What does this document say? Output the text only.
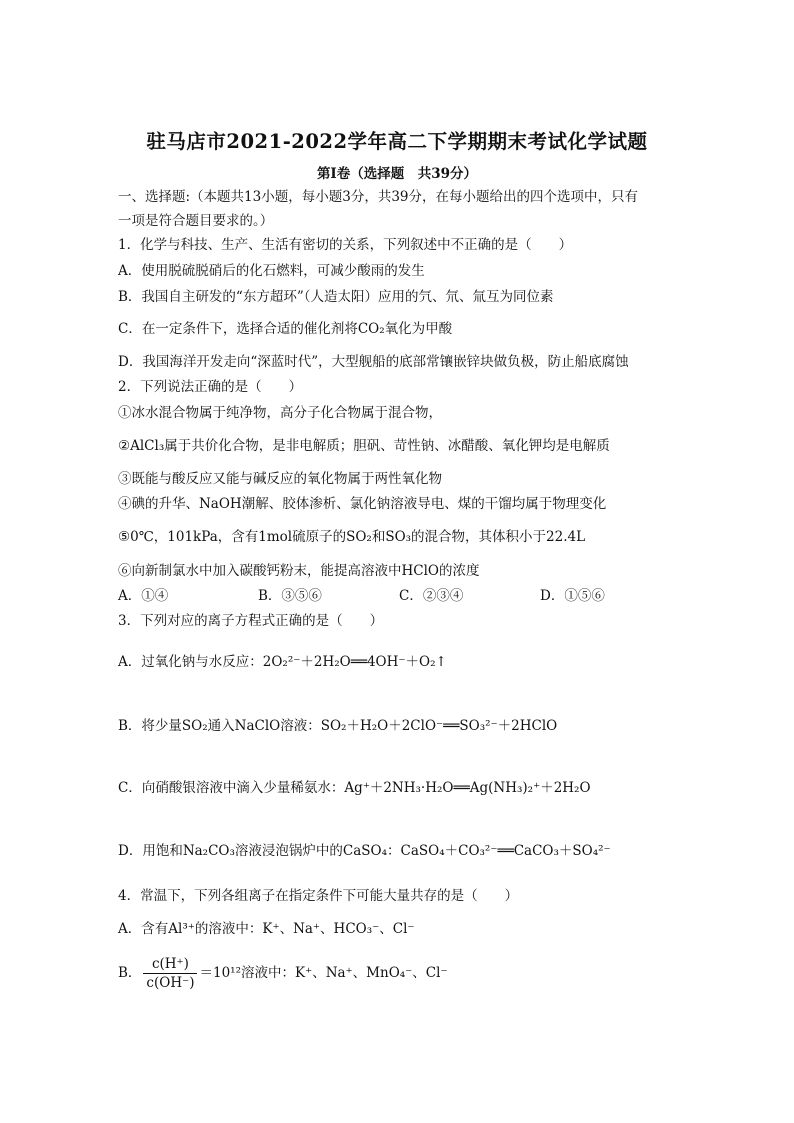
驻马店市2021-2022学年高二下学期期末考试化学试题
第Ⅰ卷（选择题　共39分）
一、选择题:（本题共13小题，每小题3分，共39分，在每小题给出的四个选项中，只有
一项是符合题目要求的。）
1．化学与科技、生产、生活有密切的关系，下列叙述中不正确的是（　　）
A．使用脱硫脱硝后的化石燃料，可减少酸雨的发生
B．我国自主研发的“东方超环”（人造太阳）应用的氕、氘、氚互为同位素
C．在一定条件下，选择合适的催化剂将CO₂氧化为甲酸
D．我国海洋开发走向“深蓝时代”，大型舰船的底部常镶嵌锌块做负极，防止船底腐蚀
2．下列说法正确的是（　　）
①冰水混合物属于纯净物，高分子化合物属于混合物，
②AlCl₃属于共价化合物，是非电解质；胆矾、苛性钠、冰醋酸、氧化钾均是电解质
③既能与酸反应又能与碱反应的氧化物属于两性氧化物
④碘的升华、NaOH潮解、胶体渗析、氯化钠溶液导电、煤的干馏均属于物理变化
⑤0℃，101kPa，含有1mol硫原子的SO₂和SO₃的混合物，其体积小于22.4L
⑥向新制氯水中加入碳酸钙粉末，能提高溶液中HClO的浓度
A．①④	B．③⑤⑥	C．②③④	D．①⑤⑥
3．下列对应的离子方程式正确的是（　　）
A．过氧化钠与水反应：2O₂²⁻＋2H₂O══4OH⁻＋O₂↑
B．将少量SO₂通入NaClO溶液：SO₂＋H₂O＋2ClO⁻══SO₃²⁻＋2HClO
C．向硝酸银溶液中滴入少量稀氨水：Ag⁺＋2NH₃·H₂O══Ag(NH₃)₂⁺＋2H₂O
D．用饱和Na₂CO₃溶液浸泡锅炉中的CaSO₄：CaSO₄＋CO₃²⁻══CaCO₃＋SO₄²⁻
4．常温下，下列各组离子在指定条件下可能大量共存的是（　　）
A．含有Al³⁺的溶液中：K⁺、Na⁺、HCO₃⁻、Cl⁻
B． $\frac{c(H^+)}{c(OH^-)} =10^{12}$溶液中：K⁺、Na⁺、MnO₄⁻、Cl⁻
